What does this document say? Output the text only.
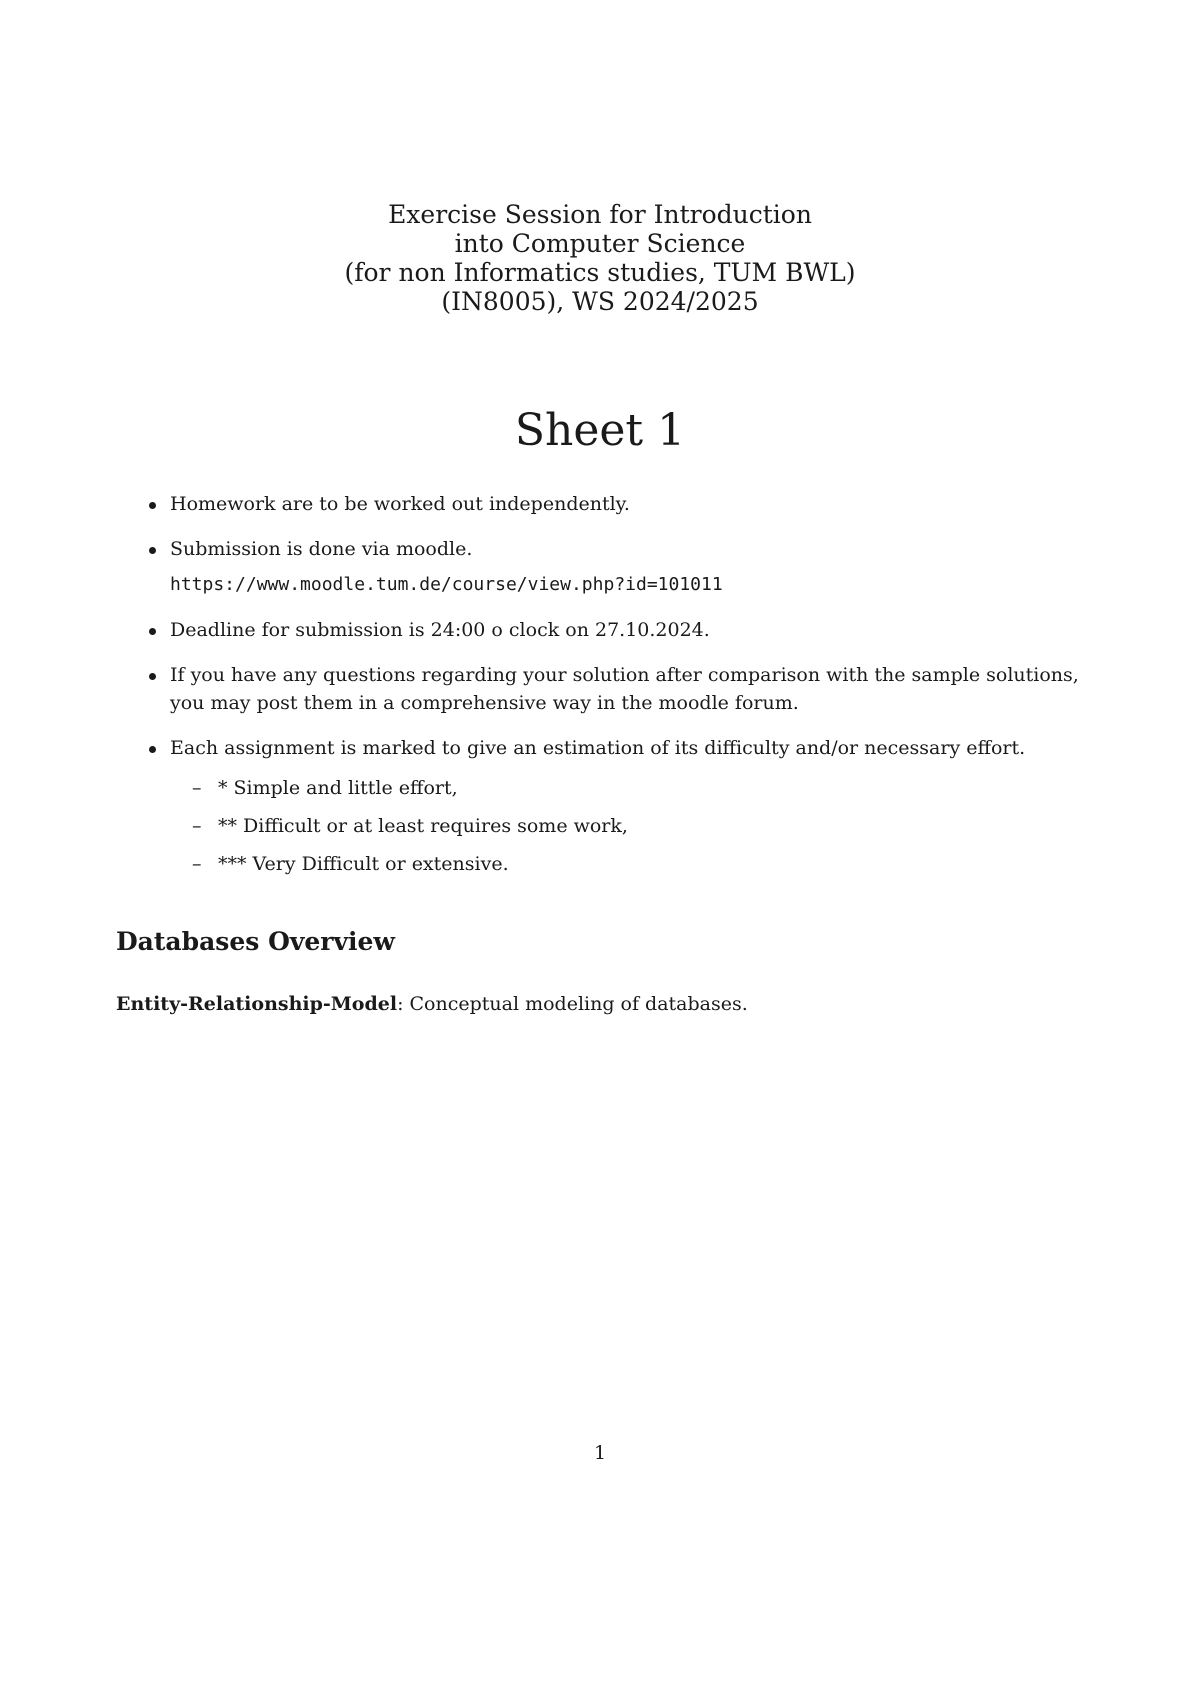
Exercise Session for Introduction
into Computer Science
(for non Informatics studies, TUM BWL)
(IN8005), WS 2024/2025
Sheet 1
Homework are to be worked out independently.
Submission is done via moodle.
https://www.moodle.tum.de/course/view.php?id=101011
Deadline for submission is 24:00 o clock on 27.10.2024.
If you have any questions regarding your solution after comparison with the sample solutions, you may post them in a comprehensive way in the moodle forum.
Each assignment is marked to give an estimation of its difficulty and/or necessary effort.
– * Simple and little effort,
– ** Difficult or at least requires some work,
– *** Very Difficult or extensive.
Databases Overview
Entity-Relationship-Model: Conceptual modeling of databases.
1
